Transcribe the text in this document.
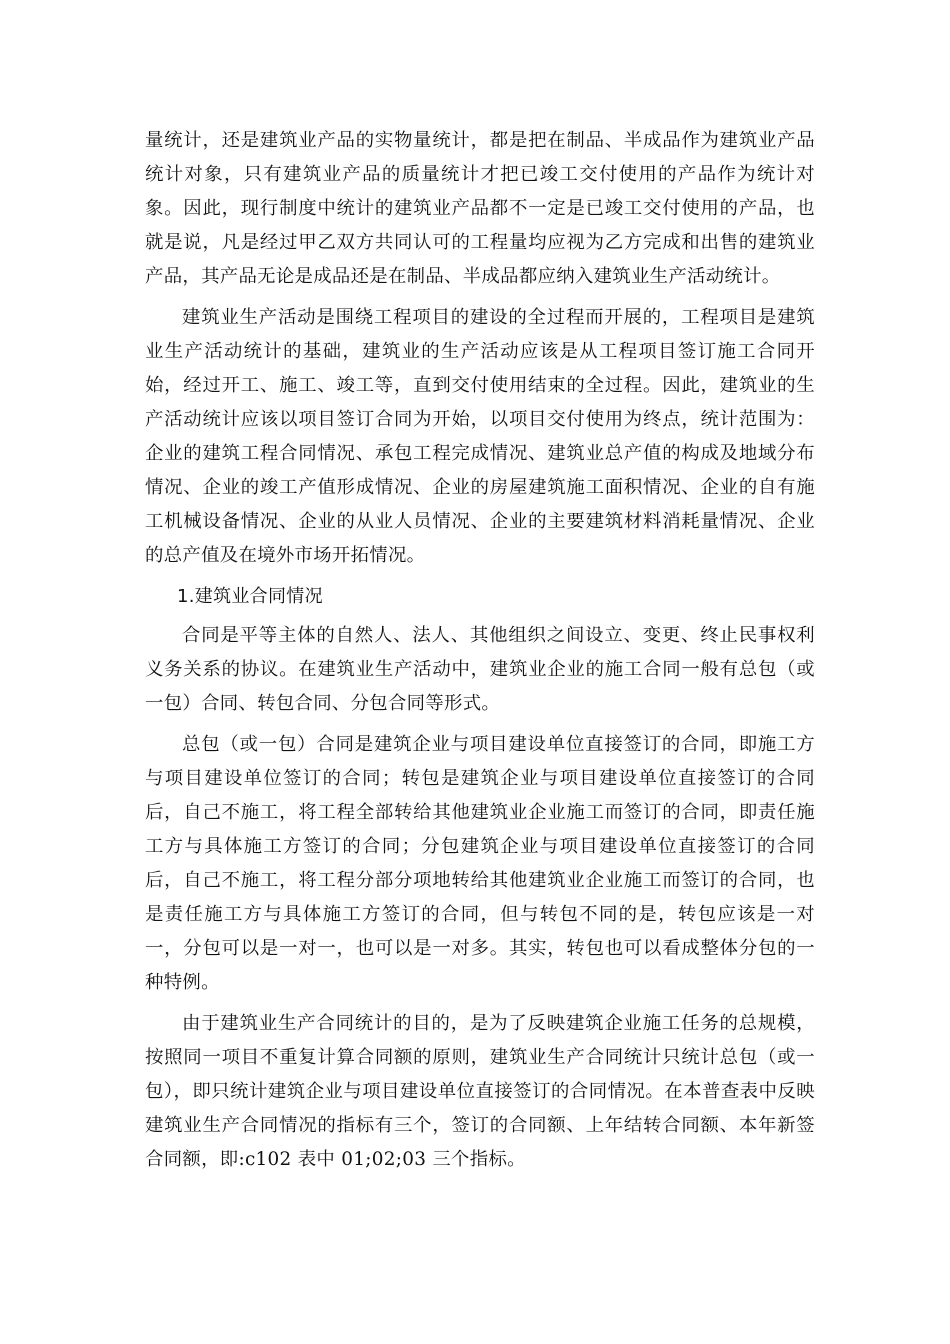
量统计，还是建筑业产品的实物量统计，都是把在制品、半成品作为建筑业产品统计对象，只有建筑业产品的质量统计才把已竣工交付使用的产品作为统计对象。因此，现行制度中统计的建筑业产品都不一定是已竣工交付使用的产品，也就是说，凡是经过甲乙双方共同认可的工程量均应视为乙方完成和出售的建筑业产品，其产品无论是成品还是在制品、半成品都应纳入建筑业生产活动统计。

建筑业生产活动是围绕工程项目的建设的全过程而开展的，工程项目是建筑业生产活动统计的基础，建筑业的生产活动应该是从工程项目签订施工合同开始，经过开工、施工、竣工等，直到交付使用结束的全过程。因此，建筑业的生产活动统计应该以项目签订合同为开始，以项目交付使用为终点，统计范围为：企业的建筑工程合同情况、承包工程完成情况、建筑业总产值的构成及地域分布情况、企业的竣工产值形成情况、企业的房屋建筑施工面积情况、企业的自有施工机械设备情况、企业的从业人员情况、企业的主要建筑材料消耗量情况、企业的总产值及在境外市场开拓情况。

1.建筑业合同情况

合同是平等主体的自然人、法人、其他组织之间设立、变更、终止民事权利义务关系的协议。在建筑业生产活动中，建筑业企业的施工合同一般有总包（或一包）合同、转包合同、分包合同等形式。

总包（或一包）合同是建筑企业与项目建设单位直接签订的合同，即施工方与项目建设单位签订的合同；转包是建筑企业与项目建设单位直接签订的合同后，自己不施工，将工程全部转给其他建筑业企业施工而签订的合同，即责任施工方与具体施工方签订的合同；分包建筑企业与项目建设单位直接签订的合同后，自己不施工，将工程分部分项地转给其他建筑业企业施工而签订的合同，也是责任施工方与具体施工方签订的合同，但与转包不同的是，转包应该是一对一，分包可以是一对一，也可以是一对多。其实，转包也可以看成整体分包的一种特例。

由于建筑业生产合同统计的目的，是为了反映建筑企业施工任务的总规模，按照同一项目不重复计算合同额的原则，建筑业生产合同统计只统计总包（或一包），即只统计建筑企业与项目建设单位直接签订的合同情况。在本普查表中反映建筑业生产合同情况的指标有三个，签订的合同额、上年结转合同额、本年新签合同额，即:c102 表中 01;02;03 三个指标。
